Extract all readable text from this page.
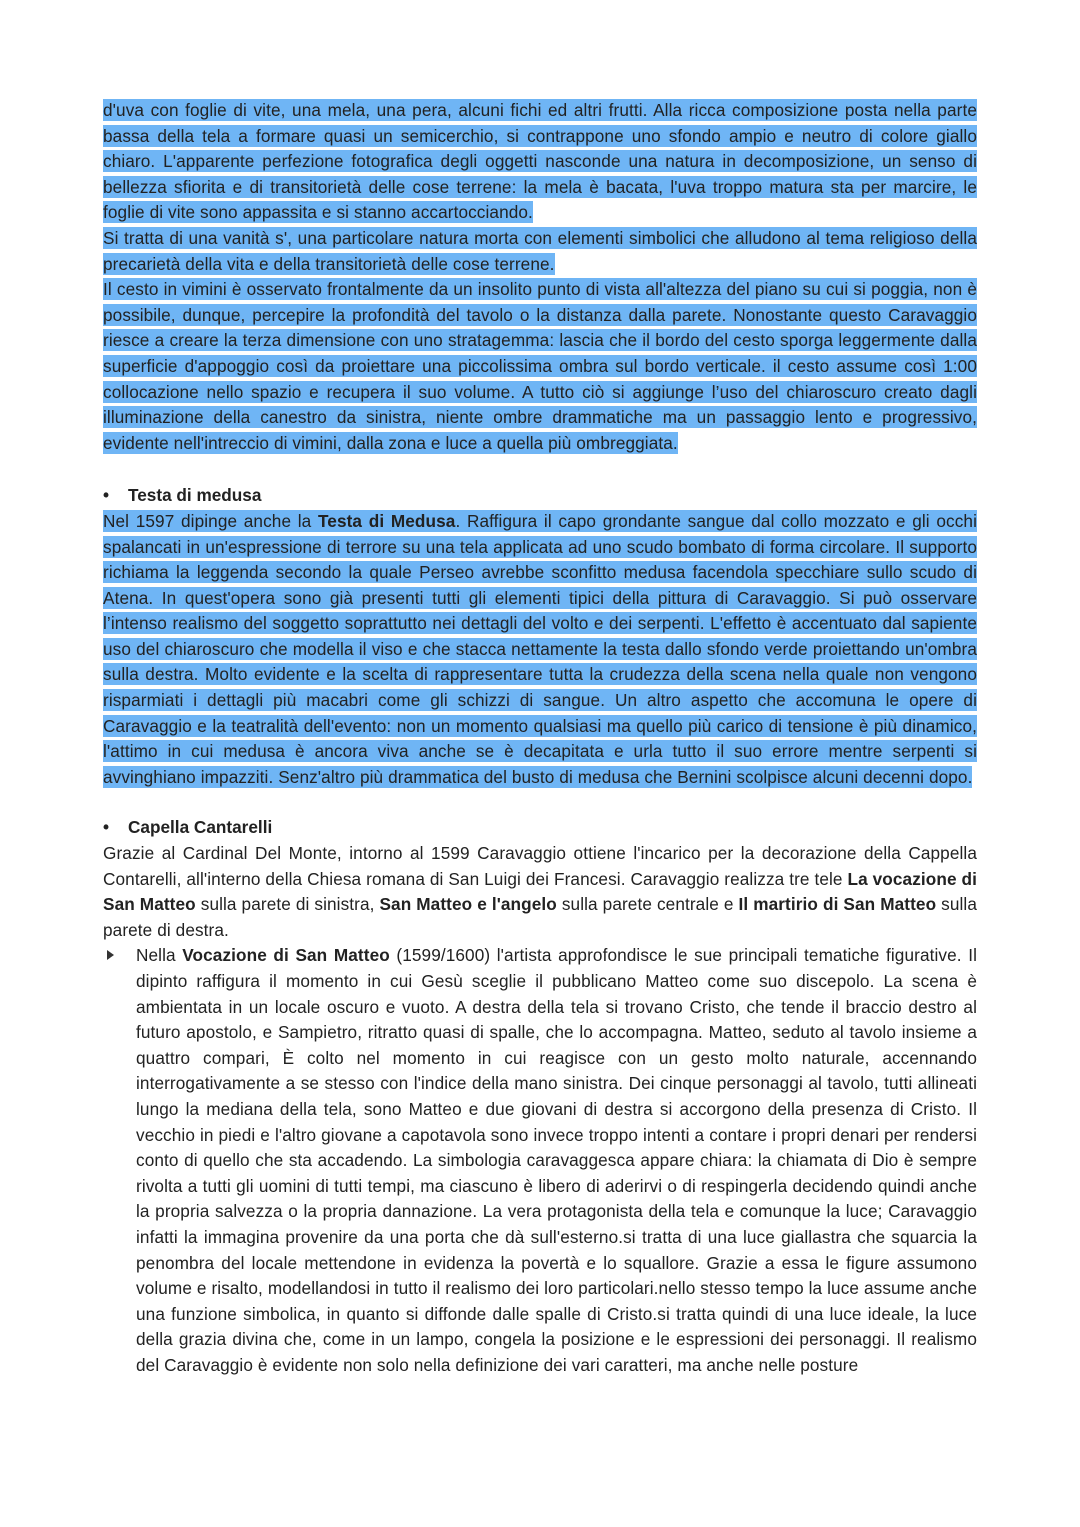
d'uva con foglie di vite, una mela, una pera, alcuni fichi ed altri frutti. Alla ricca composizione posta nella parte bassa della tela a formare quasi un semicerchio, si contrappone uno sfondo ampio e neutro di colore giallo chiaro. L'apparente perfezione fotografica degli oggetti nasconde una natura in decomposizione, un senso di bellezza sfiorita e di transitorietà delle cose terrene: la mela è bacata, l'uva troppo matura sta per marcire, le foglie di vite sono appassita e si stanno accartocciando.

Si tratta di una vanità s', una particolare natura morta con elementi simbolici che alludono al tema religioso della precarietà della vita e della transitorietà delle cose terrene.

Il cesto in vimini è osservato frontalmente da un insolito punto di vista all'altezza del piano su cui si poggia, non è possibile, dunque, percepire la profondità del tavolo o la distanza dalla parete. Nonostante questo Caravaggio riesce a creare la terza dimensione con uno stratagemma: lascia che il bordo del cesto sporga leggermente dalla superficie d'appoggio così da proiettare una piccolissima ombra sul bordo verticale. il cesto assume così 1:00 collocazione nello spazio e recupera il suo volume. A tutto ciò si aggiunge l’uso del chiaroscuro creato dagli illuminazione della canestro da sinistra, niente ombre drammatiche ma un passaggio lento e progressivo, evidente nell'intreccio di vimini, dalla zona e luce a quella più ombreggiata.

• Testa di medusa

Nel 1597 dipinge anche la Testa di Medusa. Raffigura il capo grondante sangue dal collo mozzato e gli occhi spalancati in un'espressione di terrore su una tela applicata ad uno scudo bombato di forma circolare. Il supporto richiama la leggenda secondo la quale Perseo avrebbe sconfitto medusa facendola specchiare sullo scudo di Atena. In quest'opera sono già presenti tutti gli elementi tipici della pittura di Caravaggio. Si può osservare l’intenso realismo del soggetto soprattutto nei dettagli del volto e dei serpenti. L'effetto è accentuato dal sapiente uso del chiaroscuro che modella il viso e che stacca nettamente la testa dallo sfondo verde proiettando un'ombra sulla destra. Molto evidente e la scelta di rappresentare tutta la crudezza della scena nella quale non vengono risparmiati i dettagli più macabri come gli schizzi di sangue. Un altro aspetto che accomuna le opere di Caravaggio e la teatralità dell'evento: non un momento qualsiasi ma quello più carico di tensione è più dinamico, l'attimo in cui medusa è ancora viva anche se è decapitata e urla tutto il suo errore mentre serpenti si avvinghiano impazziti. Senz'altro più drammatica del busto di medusa che Bernini scolpisce alcuni decenni dopo.

• Capella Cantarelli

Grazie al Cardinal Del Monte, intorno al 1599 Caravaggio ottiene l'incarico per la decorazione della Cappella Contarelli, all'interno della Chiesa romana di San Luigi dei Francesi. Caravaggio realizza tre tele La vocazione di San Matteo sulla parete di sinistra, San Matteo e l'angelo sulla parete centrale e Il martirio di San Matteo sulla parete di destra.

Nella Vocazione di San Matteo (1599/1600) l'artista approfondisce le sue principali tematiche figurative. Il dipinto raffigura il momento in cui Gesù sceglie il pubblicano Matteo come suo discepolo. La scena è ambientata in un locale oscuro e vuoto. A destra della tela si trovano Cristo, che tende il braccio destro al futuro apostolo, e Sampietro, ritratto quasi di spalle, che lo accompagna. Matteo, seduto al tavolo insieme a quattro compari, È colto nel momento in cui reagisce con un gesto molto naturale, accennando interrogativamente a se stesso con l'indice della mano sinistra. Dei cinque personaggi al tavolo, tutti allineati lungo la mediana della tela, sono Matteo e due giovani di destra si accorgono della presenza di Cristo. Il vecchio in piedi e l'altro giovane a capotavola sono invece troppo intenti a contare i propri denari per rendersi conto di quello che sta accadendo. La simbologia caravaggesca appare chiara: la chiamata di Dio è sempre rivolta a tutti gli uomini di tutti tempi, ma ciascuno è libero di aderirvi o di respingerla decidendo quindi anche la propria salvezza o la propria dannazione. La vera protagonista della tela e comunque la luce; Caravaggio infatti la immagina provenire da una porta che dà sull'esterno.si tratta di una luce giallastra che squarcia la penombra del locale mettendone in evidenza la povertà e lo squallore. Grazie a essa le figure assumono volume e risalto, modellandosi in tutto il realismo dei loro particolari.nello stesso tempo la luce assume anche una funzione simbolica, in quanto si diffonde dalle spalle di Cristo.si tratta quindi di una luce ideale, la luce della grazia divina che, come in un lampo, congela la posizione e le espressioni dei personaggi. Il realismo del Caravaggio è evidente non solo nella definizione dei vari caratteri, ma anche nelle posture
